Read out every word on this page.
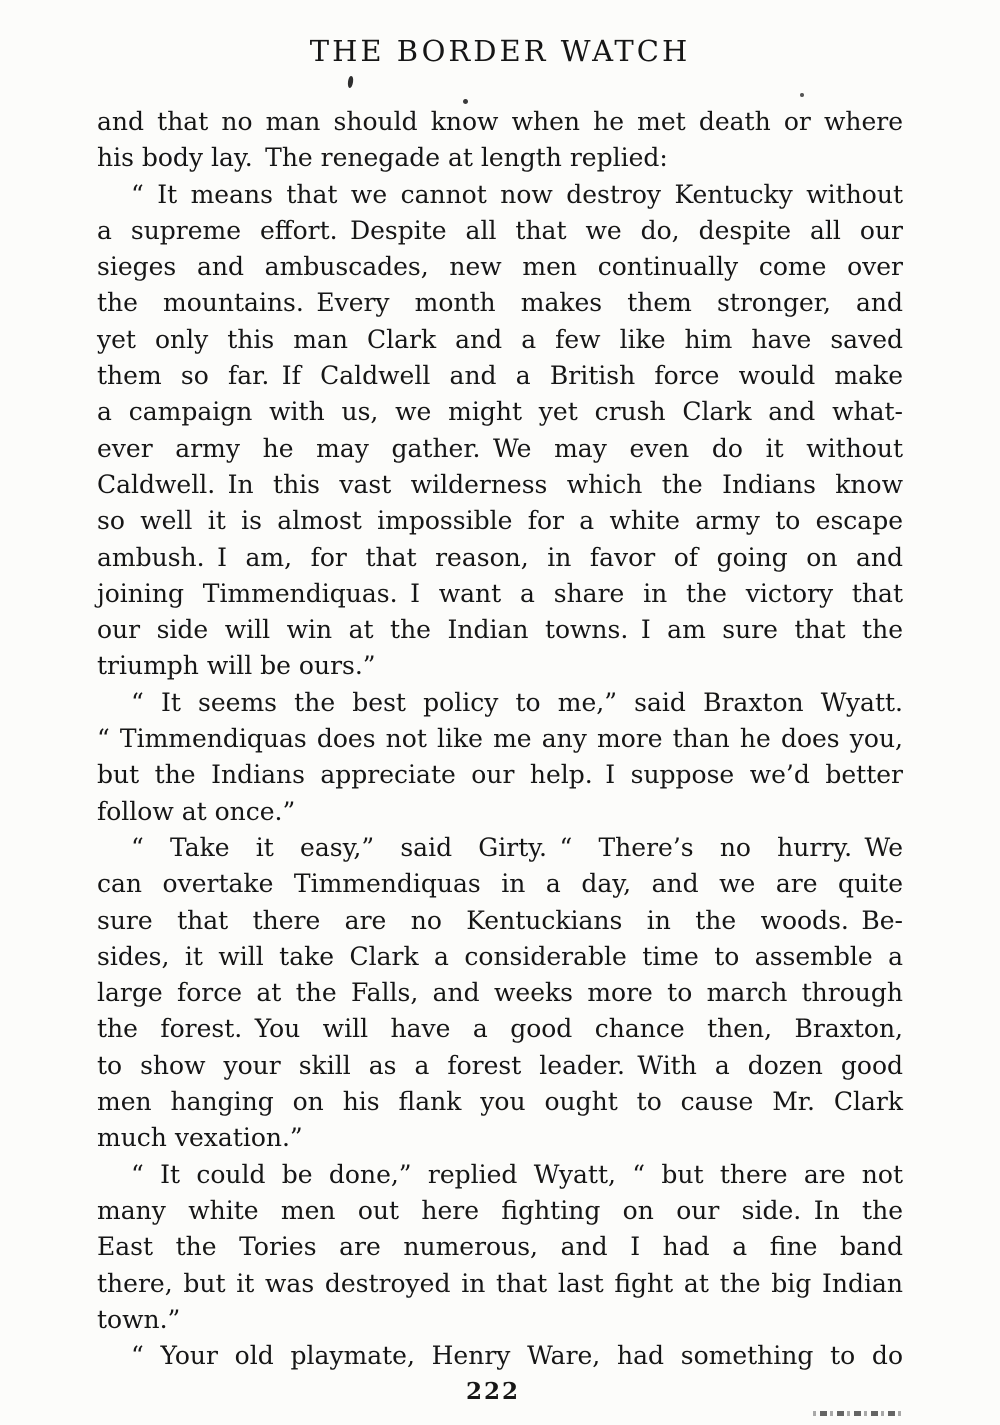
THE BORDER WATCH
and that no man should know when he met death or where
his body lay. The renegade at length replied:
“ It means that we cannot now destroy Kentucky without
a supreme effort. Despite all that we do, despite all our
sieges and ambuscades, new men continually come over
the mountains. Every month makes them stronger, and
yet only this man Clark and a few like him have saved
them so far. If Caldwell and a British force would make
a campaign with us, we might yet crush Clark and what-
ever army he may gather. We may even do it without
Caldwell. In this vast wilderness which the Indians know
so well it is almost impossible for a white army to escape
ambush. I am, for that reason, in favor of going on and
joining Timmendiquas. I want a share in the victory that
our side will win at the Indian towns. I am sure that the
triumph will be ours.”
“ It seems the best policy to me,” said Braxton Wyatt.
“ Timmendiquas does not like me any more than he does you,
but the Indians appreciate our help. I suppose we’d better
follow at once.”
“ Take it easy,” said Girty. “ There’s no hurry. We
can overtake Timmendiquas in a day, and we are quite
sure that there are no Kentuckians in the woods. Be-
sides, it will take Clark a considerable time to assemble a
large force at the Falls, and weeks more to march through
the forest. You will have a good chance then, Braxton,
to show your skill as a forest leader. With a dozen good
men hanging on his flank you ought to cause Mr. Clark
much vexation.”
“ It could be done,” replied Wyatt, “ but there are not
many white men out here fighting on our side. In the
East the Tories are numerous, and I had a fine band
there, but it was destroyed in that last fight at the big Indian
town.”
“ Your old playmate, Henry Ware, had something to do
222
